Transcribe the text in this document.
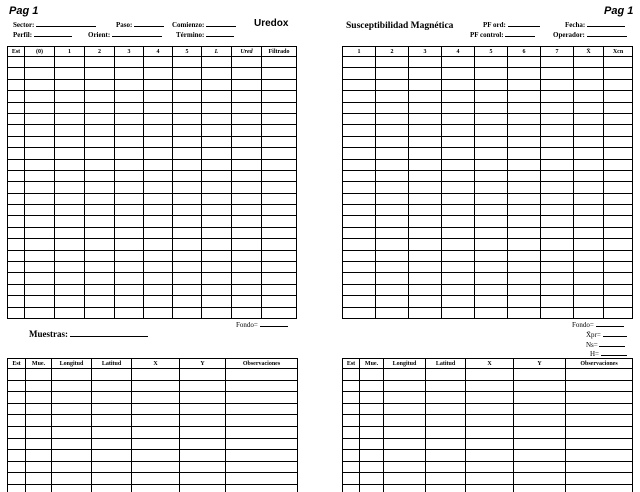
Pag 1
Sector:	Paso:	Comienzo:	Uredox
Perfil:	Orient:	Término:
Est	(0)	1	2	3	4	5	L	Ured	Filtrado

Fondo=
Muestras:
Est	Mue.	Longitud	Latitud	X	Y	Observaciones

Pag 1
Susceptibilidad Magnética	PF ord:	Fecha:
PF control:	Operador:
1	2	3	4	5	6	7	X̄	Xcn

Fondo=
X̄pr=
Ns=
H=
Est	Mue.	Longitud	Latitud	X	Y	Observaciones
